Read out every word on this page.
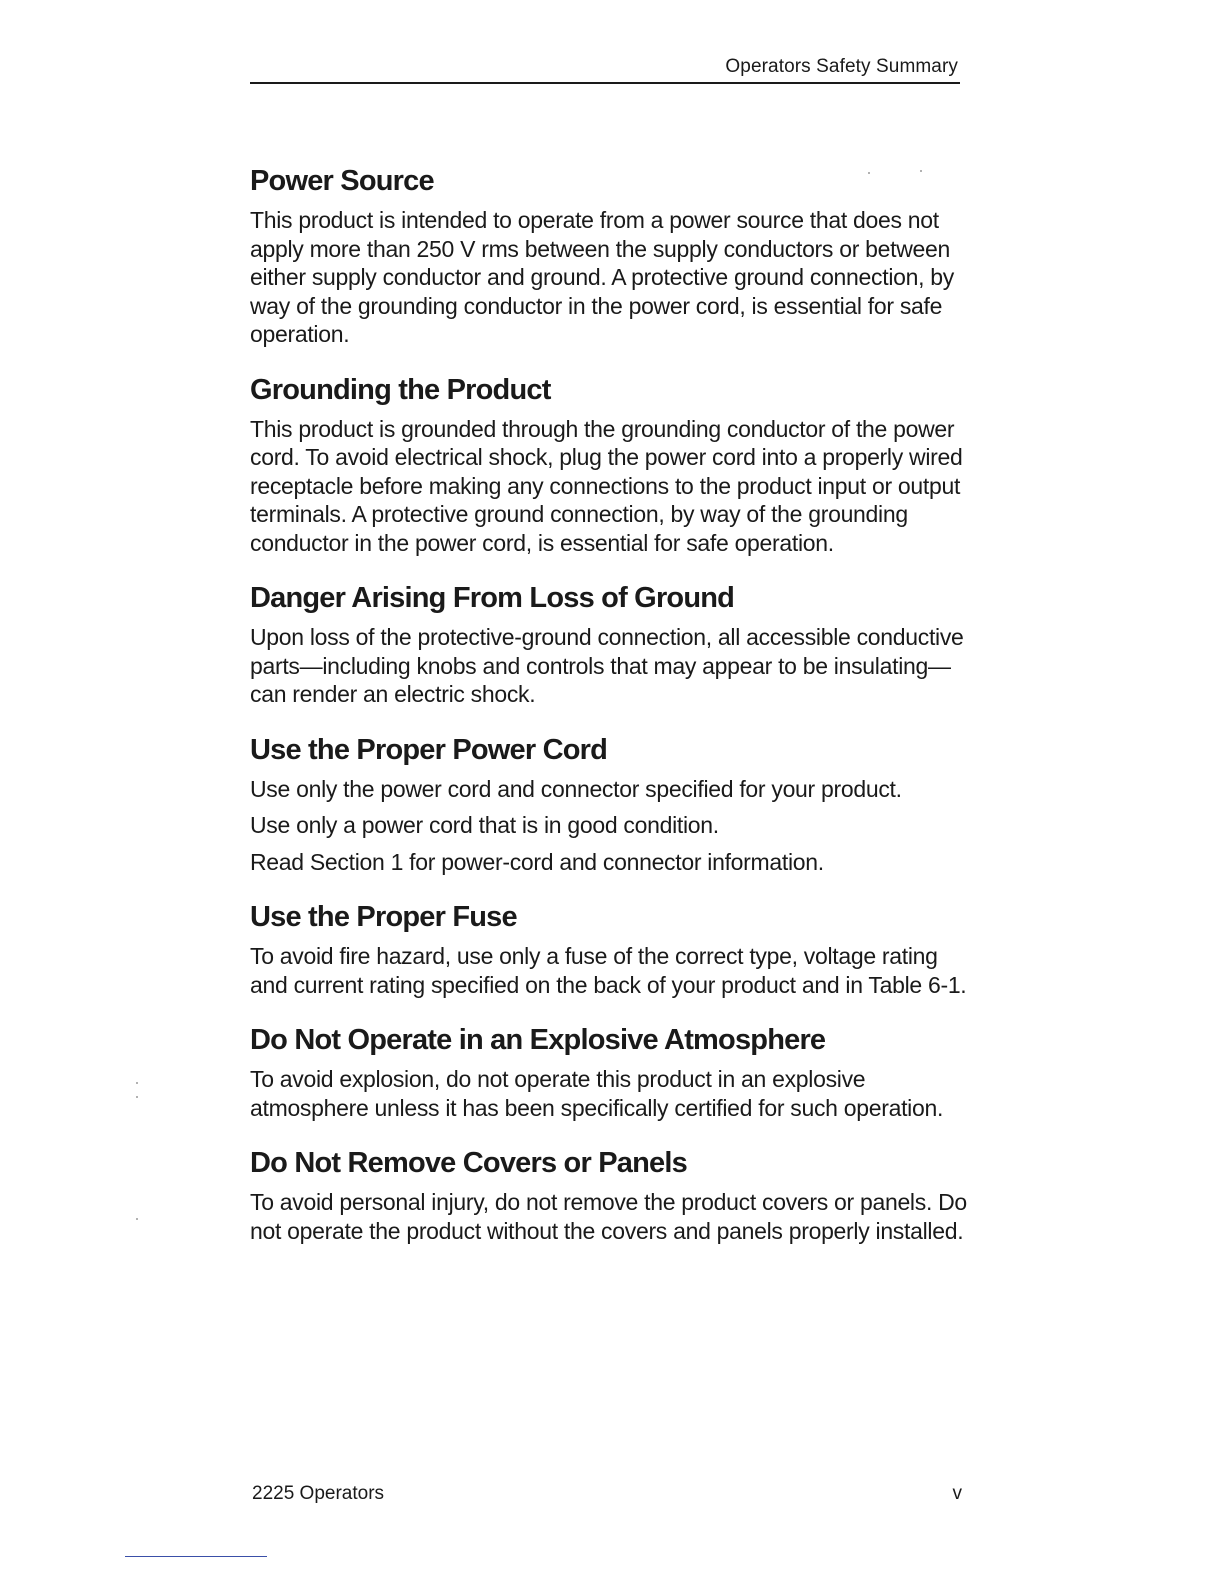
Operators Safety Summary
Power Source

This product is intended to operate from a power source that does not apply more than 250 V rms between the supply conductors or between either supply conductor and ground. A protective ground connection, by way of the grounding conductor in the power cord, is essential for safe operation.

Grounding the Product

This product is grounded through the grounding conductor of the power cord. To avoid electrical shock, plug the power cord into a properly wired receptacle before making any connections to the product input or output terminals. A protective ground connection, by way of the grounding conductor in the power cord, is essential for safe operation.

Danger Arising From Loss of Ground

Upon loss of the protective-ground connection, all accessible conductive parts—including knobs and controls that may appear to be insulating—can render an electric shock.

Use the Proper Power Cord

Use only the power cord and connector specified for your product.

Use only a power cord that is in good condition.

Read Section 1 for power-cord and connector information.

Use the Proper Fuse

To avoid fire hazard, use only a fuse of the correct type, voltage rating and current rating specified on the back of your product and in Table 6-1.

Do Not Operate in an Explosive Atmosphere

To avoid explosion, do not operate this product in an explosive atmosphere unless it has been specifically certified for such operation.

Do Not Remove Covers or Panels

To avoid personal injury, do not remove the product covers or panels. Do not operate the product without the covers and panels properly installed.

2225 Operators	v
